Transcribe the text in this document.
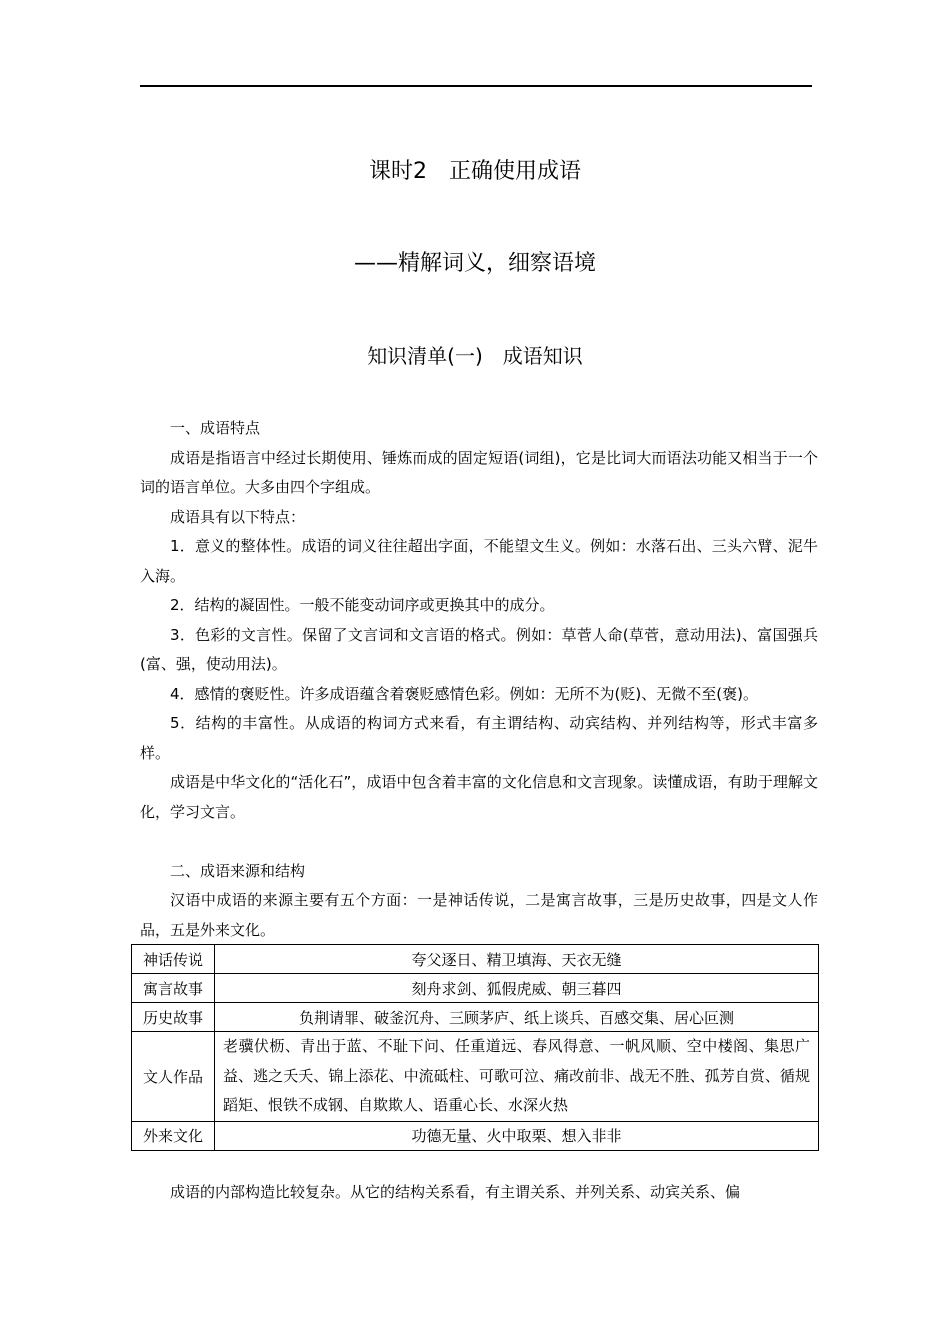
课时2　正确使用成语
——精解词义，细察语境
知识清单(一)　成语知识

一、成语特点

成语是指语言中经过长期使用、锤炼而成的固定短语(词组)，它是比词大而语法功能又相当于一个词的语言单位。大多由四个字组成。

成语具有以下特点：

1．意义的整体性。成语的词义往往超出字面，不能望文生义。例如：水落石出、三头六臂、泥牛入海。

2．结构的凝固性。一般不能变动词序或更换其中的成分。

3．色彩的文言性。保留了文言词和文言语的格式。例如：草菅人命(草菅，意动用法)、富国强兵(富、强，使动用法)。

4．感情的褒贬性。许多成语蕴含着褒贬感情色彩。例如：无所不为(贬)、无微不至(褒)。

5．结构的丰富性。从成语的构词方式来看，有主谓结构、动宾结构、并列结构等，形式丰富多样。

成语是中华文化的“活化石”，成语中包含着丰富的文化信息和文言现象。读懂成语，有助于理解文化，学习文言。

二、成语来源和结构

汉语中成语的来源主要有五个方面：一是神话传说，二是寓言故事，三是历史故事，四是文人作品，五是外来文化。

神话传说	夸父逐日、精卫填海、天衣无缝
寓言故事	刻舟求剑、狐假虎威、朝三暮四
历史故事	负荆请罪、破釜沉舟、三顾茅庐、纸上谈兵、百感交集、居心叵测
文人作品	老骥伏枥、青出于蓝、不耻下问、任重道远、春风得意、一帆风顺、空中楼阁、集思广益、逃之夭夭、锦上添花、中流砥柱、可歌可泣、痛改前非、战无不胜、孤芳自赏、循规蹈矩、恨铁不成钢、自欺欺人、语重心长、水深火热
外来文化	功德无量、火中取栗、想入非非

成语的内部构造比较复杂。从它的结构关系看，有主谓关系、并列关系、动宾关系、偏
